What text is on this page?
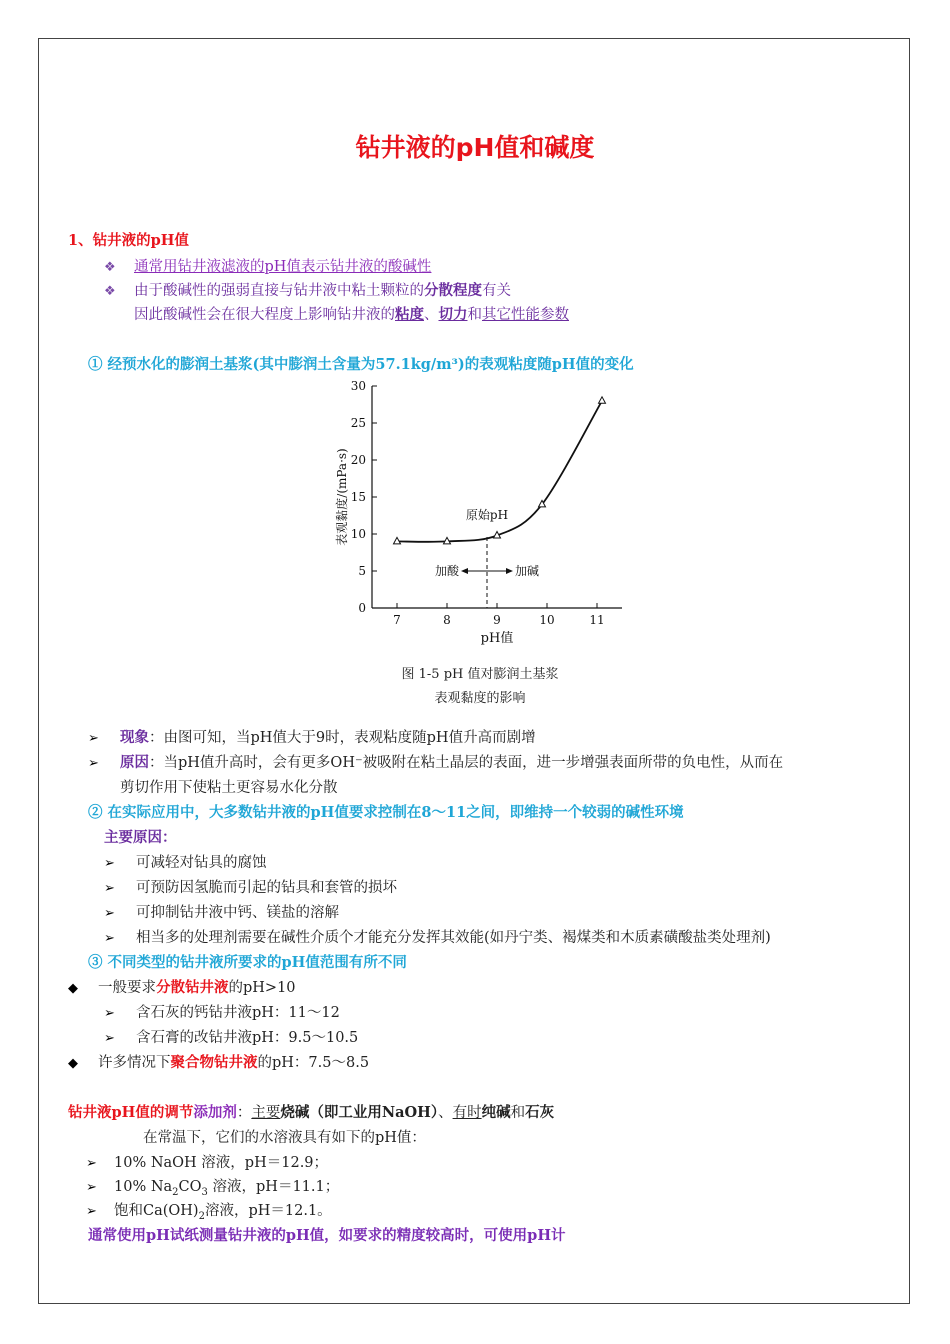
钻井液的pH值和碱度
1、钻井液的pH值
❖ 通常用钻井液滤液的pH值表示钻井液的酸碱性
❖ 由于酸碱性的强弱直接与钻井液中粘土颗粒的分散程度有关
因此酸碱性会在很大程度上影响钻井液的粘度、切力和其它性能参数
① 经预水化的膨润土基浆(其中膨润土含量为57.1kg/m³)的表观粘度随pH值的变化
0
5
10
15
20
25
30
7	8	9	10	11
pH值
表观黏度/(mPa·s)	原始pH
加酸	加碱
图 1-5 pH 值对膨润土基浆
表观黏度的影响
➢ 现象：由图可知，当pH值大于9时，表观粘度随pH值升高而剧增
➢ 原因：当pH值升高时，会有更多OH⁻被吸附在粘土晶层的表面，进一步增强表面所带的负电性，从而在
剪切作用下使粘土更容易水化分散
② 在实际应用中，大多数钻井液的pH值要求控制在8～11之间，即维持一个较弱的碱性环境
主要原因：
➢ 可减轻对钻具的腐蚀
➢ 可预防因氢脆而引起的钻具和套管的损坏
➢ 可抑制钻井液中钙、镁盐的溶解
➢ 相当多的处理剂需要在碱性介质个才能充分发挥其效能(如丹宁类、褐煤类和木质素磺酸盐类处理剂)
③ 不同类型的钻井液所要求的pH值范围有所不同
◆ 一般要求分散钻井液的pH>10
➢ 含石灰的钙钻井液pH：11～12
➢ 含石膏的改钻井液pH：9.5～10.5
◆ 许多情况下聚合物钻井液的pH：7.5～8.5
钻井液pH值的调节添加剂：主要烧碱（即工业用NaOH）、有时纯碱和石灰
在常温下，它们的水溶液具有如下的pH值：
➢ 10% NaOH 溶液，pH＝12.9；
➢ 10% $Na_2CO_3$ 溶液，pH＝11.1；
➢ 饱和$Ca(OH)_2$溶液，pH＝12.1。
通常使用pH试纸测量钻井液的pH值，如要求的精度较高时，可使用pH计
